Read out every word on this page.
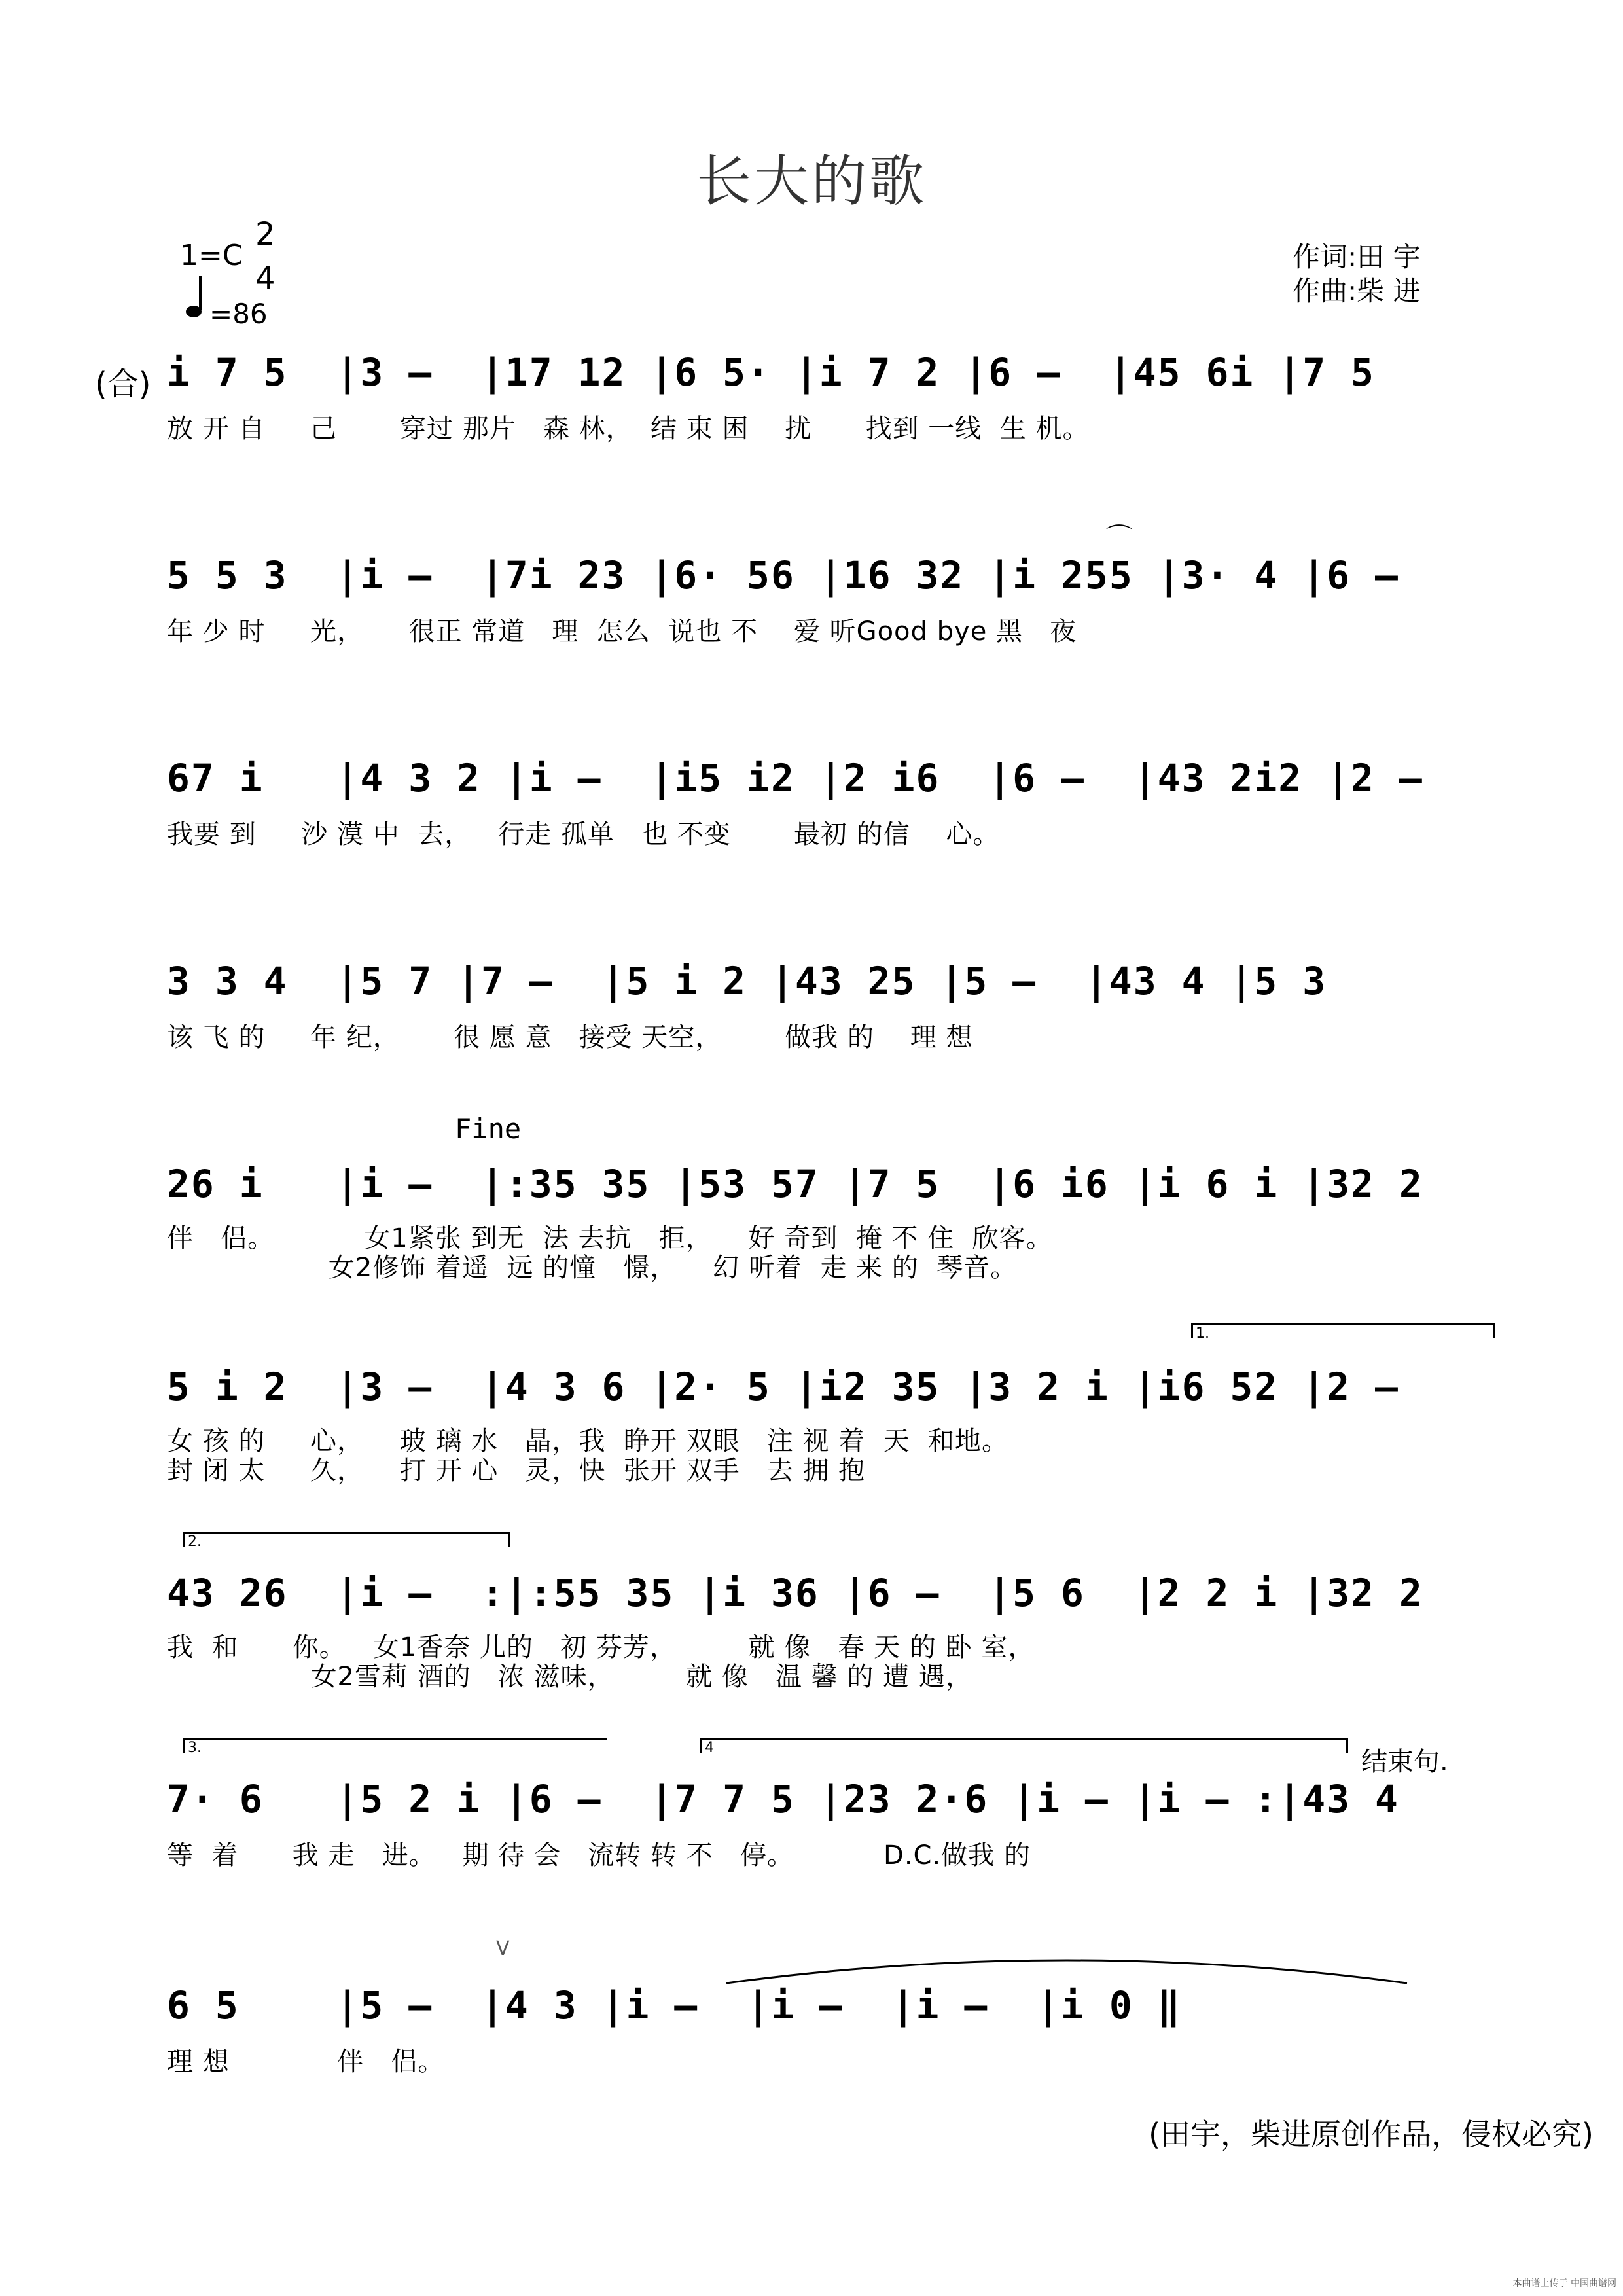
长大的歌
1=C
2
4
=86
作词:田 宇
作曲:柴 进
(合) i 7 5  |3 –  |17 12 |6 5· |i 7 2 |6 –  |45 6i |7 5
放 开 自     己       穿过 那片   森 林，  结 束 困    扰      找到 一线  生 机。
5 5 3  |i –  |7i 23 |6· 56 |16 32 |i 255 |3· 4 |6 –
年 少 时     光，     很正 常道   理  怎么  说也 不    爱 听Good bye 黑   夜
⌒
67 i   |4 3 2 |i –  |i5 i2 |2 i6  |6 –  |43 2i2 |2 –
我要 到     沙 漠 中  去，   行走 孤单   也 不变       最初 的信    心。
3 3 4  |5 7 |7 –  |5 i 2 |43 25 |5 –  |43 4 |5 3
该 飞 的     年 纪，      很 愿 意   接受 天空，       做我 的    理 想
Fine
26 i   |i –  |:35 35 |53 57 |7 5  |6 i6 |i 6 i |32 2
伴   侣。          女1紧张 到无  法 去抗   拒，    好 奇到  掩 不 住  欣客。
女2修饰 着遥  远 的憧   憬，    幻 听着  走 来 的  琴音。
1.
5 i 2  |3 –  |4 3 6 |2· 5 |i2 35 |3 2 i |i6 52 |2 –
女 孩 的     心，    玻 璃 水   晶，我  睁开 双眼   注 视 着  天  和地。
封 闭 太     久，    打 开 心   灵，快  张开 双手   去 拥 抱
2.
43 26  |i –  :|:55 35 |i 36 |6 –  |5 6  |2 2 i |32 2
我  和      你。   女1香奈 儿的   初 芬芳，        就 像   春 天 的 卧 室，
女2雪莉 酒的   浓 滋味，        就 像   温 馨 的 遭 遇，
3.	4	结束句.
7· 6   |5 2 i |6 –  |7 7 5 |23 2·6 |i – |i – :|43 4
等  着      我 走   进。   期 待 会   流转 转 不   停。          D.C.做我 的
V
6 5    |5 –  |4 3 |i –  |i –  |i –  |i 0 ‖
理 想            伴   侣。
(田宇，柴进原创作品，侵权必究)
本曲谱上传于 中国曲谱网
